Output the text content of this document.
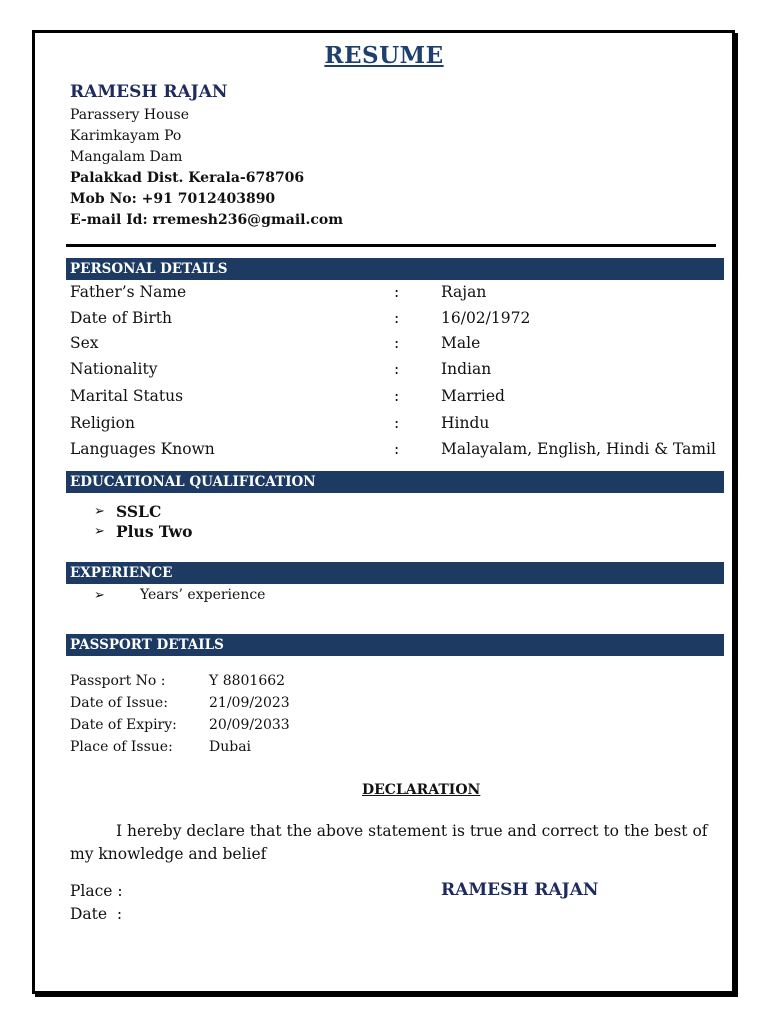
RESUME
RAMESH RAJAN
Parassery House
Karimkayam Po
Mangalam Dam
Palakkad Dist. Kerala-678706
Mob No: +91 7012403890
E-mail Id: rremesh236@gmail.com
PERSONAL DETAILS
Father’s Name	:	Rajan
Date of Birth	:	16/02/1972
Sex	:	Male
Nationality	:	Indian
Marital Status	:	Married
Religion	:	Hindu
Languages Known	:	Malayalam, English, Hindi & Tamil
EDUCATIONAL QUALIFICATION
➢ SSLC
➢ Plus Two
EXPERIENCE
➢	Years’ experience
PASSPORT DETAILS
Passport No :	Y 8801662
Date of Issue:	21/09/2023
Date of Expiry: 20/09/2033
Place of Issue:	Dubai
DECLARATION
I hereby declare that the above statement is true and correct to the best of my knowledge and belief
Place :
Date  :
RAMESH RAJAN
